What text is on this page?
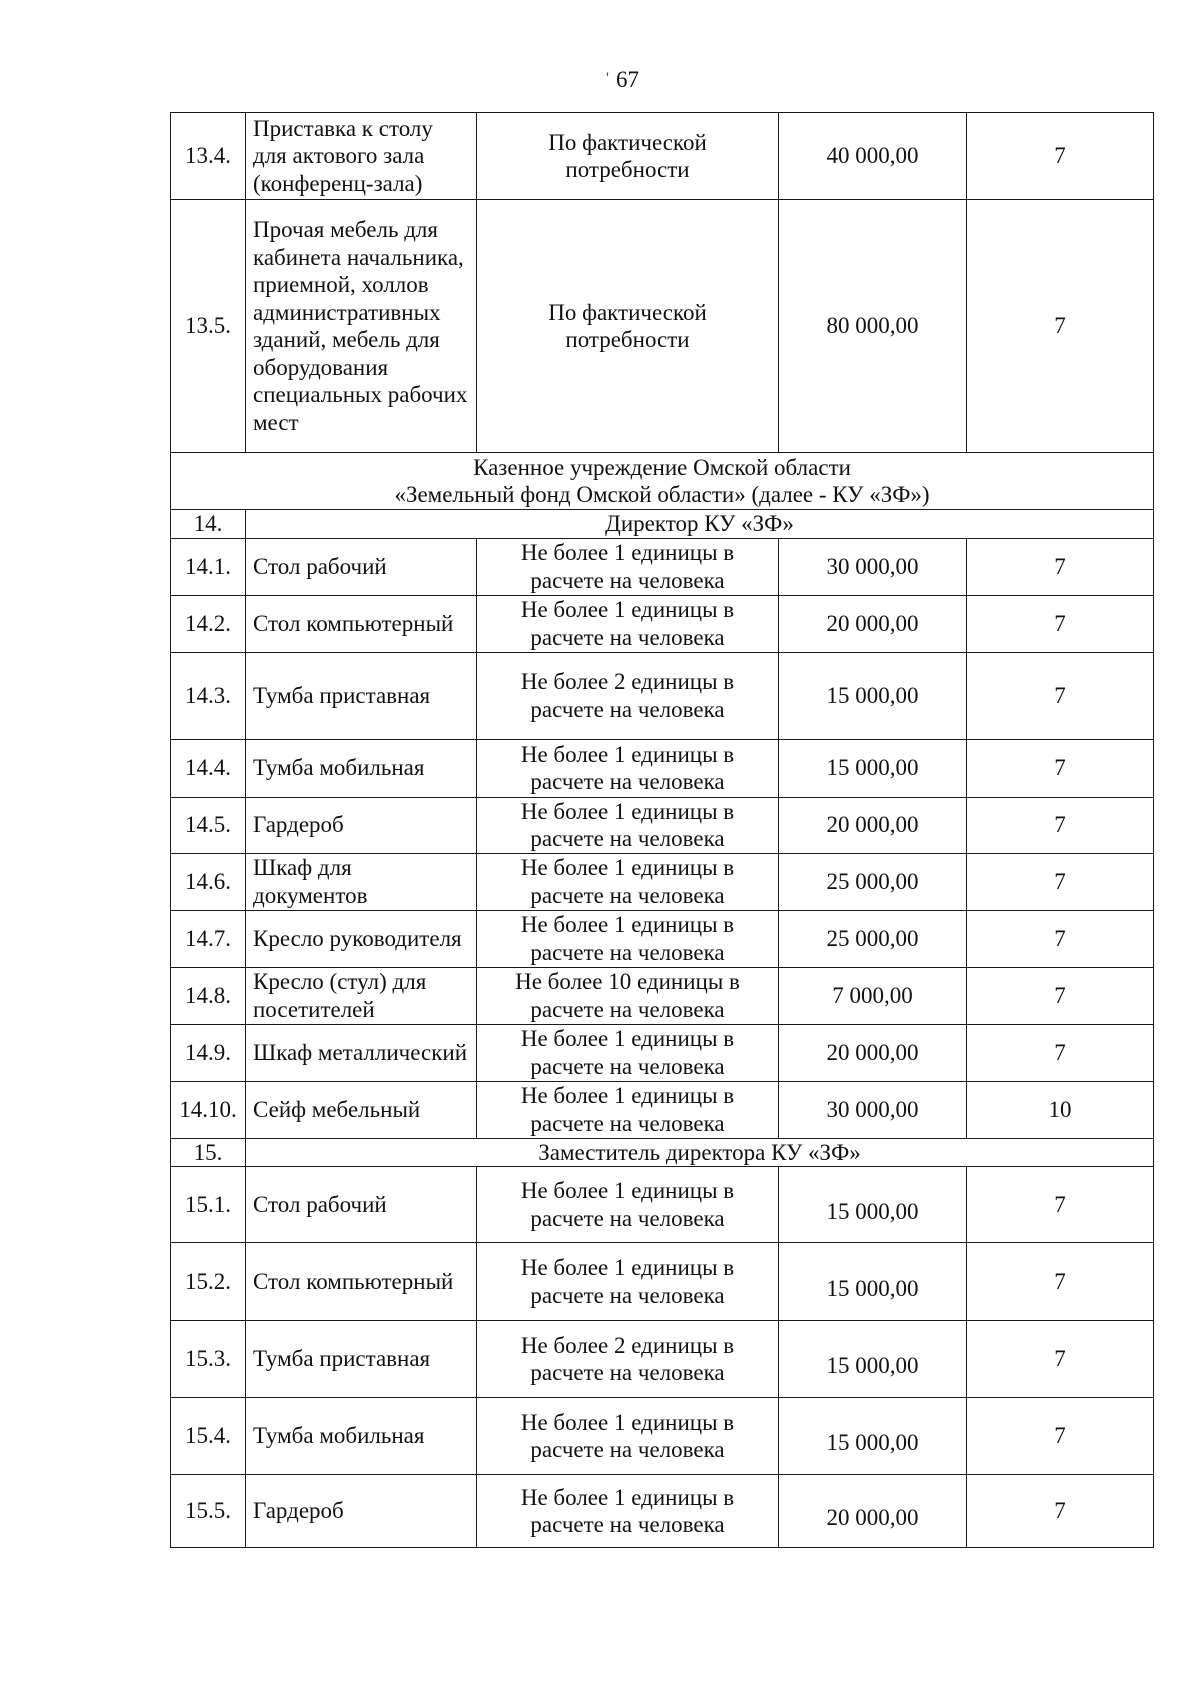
' 67
13.4.	Приставка к столу для актового зала (конференц-зала)	По фактической потребности	40 000,00	7
13.5.	Прочая мебель для кабинета начальника, приемной, холлов административных зданий, мебель для оборудования специальных рабочих мест	По фактической потребности	80 000,00	7

Казенное учреждение Омской области
«Земельный фонд Омской области» (далее - КУ «ЗФ»)				

14.	Директор КУ «ЗФ»			
14.1.	Стол рабочий	Не более 1 единицы в расчете на человека	30 000,00	7
14.2.	Стол компьютерный	Не более 1 единицы в расчете на человека	20 000,00	7
14.3.	Тумба приставная	Не более 2 единицы в расчете на человека	15 000,00	7
14.4.	Тумба мобильная	Не более 1 единицы в расчете на человека	15 000,00	7
14.5.	Гардероб	Не более 1 единицы в расчете на человека	20 000,00	7
14.6.	Шкаф для документов	Не более 1 единицы в расчете на человека	25 000,00	7
14.7.	Кресло руководителя	Не более 1 единицы в расчете на человека	25 000,00	7
14.8.	Кресло (стул) для посетителей	Не более 10 единицы в расчете на человека	7 000,00	7
14.9.	Шкаф металлический	Не более 1 единицы в расчете на человека	20 000,00	7
14.10.	Сейф мебельный	Не более 1 единицы в расчете на человека	30 000,00	10
15.	Заместитель директора КУ «ЗФ»			
15.1.	Стол рабочий	Не более 1 единицы в расчете на человека	15 000,00	7
15.2.	Стол компьютерный	Не более 1 единицы в расчете на человека	15 000,00	7
15.3.	Тумба приставная	Не более 2 единицы в расчете на человека	15 000,00	7
15.4.	Тумба мобильная	Не более 1 единицы в расчете на человека	15 000,00	7
15.5.	Гардероб	Не более 1 единицы в расчете на человека	20 000,00	7
